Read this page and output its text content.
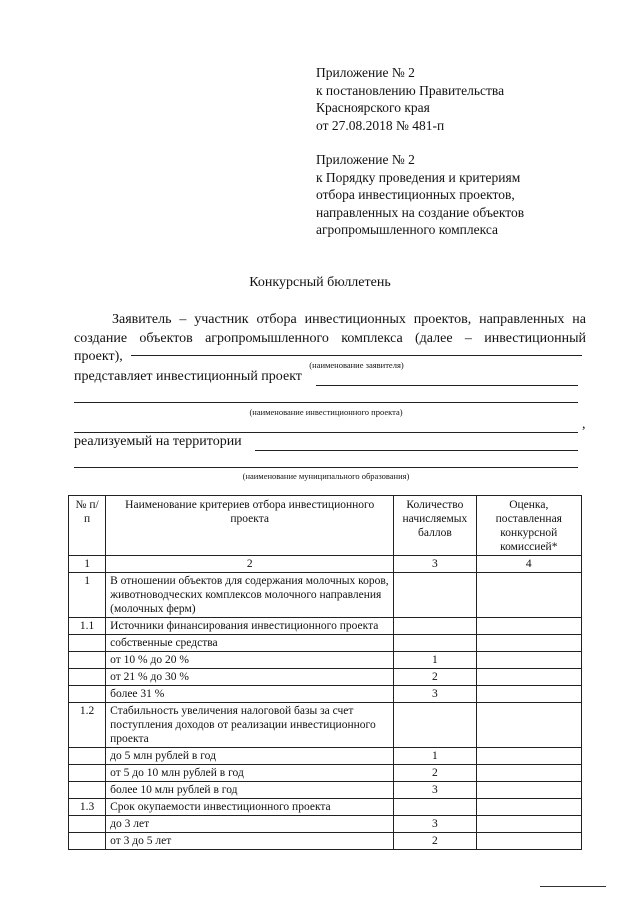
Приложение № 2
к постановлению Правительства
Красноярского края
от 27.08.2018 № 481-п
Приложение № 2
к Порядку проведения и критериям
отбора инвестиционных проектов,
направленных на создание объектов
агропромышленного комплекса
Конкурсный бюллетень
Заявитель – участник отбора инвестиционных проектов, направленных на
создание объектов агропромышленного комплекса (далее – инвестиционный
проект),
(наименование заявителя)
представляет инвестиционный проект
(наименование инвестиционного проекта)
,
реализуемый на территории
(наименование муниципального образования)
№ п/п	Наименование критериев отбора инвестиционного проекта	Количество начисляемых баллов	Оценка, поставленная конкурсной комиссией*
1	2	3	4
1	В отношении объектов для содержания молочных коров, животноводческих комплексов молочного направления (молочных ферм)		
1.1	Источники финансирования инвестиционного проекта		
	собственные средства		
	от 10 % до 20 %	1	
	от 21 % до 30 %	2	
	более 31 %	3	
1.2	Стабильность увеличения налоговой базы за счет поступления доходов от реализации инвестиционного проекта		
	до 5 млн рублей в год	1	
	от 5 до 10 млн рублей в год	2	
	более 10 млн рублей в год	3	
1.3	Срок окупаемости инвестиционного проекта		
	до 3 лет	3	
	от 3 до 5 лет	2	
